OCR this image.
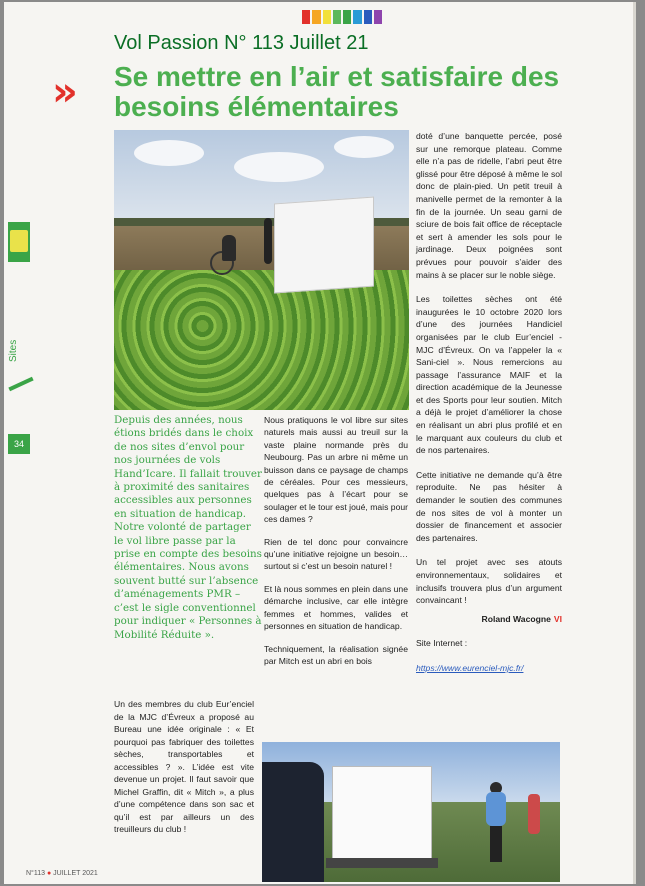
Vol Passion N° 113 Juillet 21
» Se mettre en l’air et satisfaire des besoins élémentaires
Sites
34
Depuis des années, nous étions bridés dans le choix de nos sites d’envol pour nos journées de vols Hand’Icare. Il fallait trouver à proximité des sanitaires accessibles aux personnes en situation de handicap. Notre volonté de partager le vol libre passe par la prise en compte des besoins élémentaires. Nous avons souvent butté sur l’absence d’aménagements PMR – c’est le sigle conventionnel pour indiquer « Personnes à Mobilité Réduite ».

Un des membres du club Eur’enciel de la MJC d’Évreux a proposé au Bureau une idée originale : « Et pourquoi pas fabriquer des toilettes sèches, transportables et accessibles ? ». L’idée est vite devenue un projet. Il faut savoir que Michel Graffin, dit « Mitch », a plus d’une compétence dans son sac et qu’il est par ailleurs un des treuilleurs du club !

Nous pratiquons le vol libre sur sites naturels mais aussi au treuil sur la vaste plaine normande près du Neubourg. Pas un arbre ni même un buisson dans ce paysage de champs de céréales. Pour ces messieurs, quelques pas à l’écart pour se soulager et le tour est joué, mais pour ces dames ?

Rien de tel donc pour convaincre qu’une initiative rejoigne un besoin… surtout si c’est un besoin naturel !

Et là nous sommes en plein dans une démarche inclusive, car elle intègre femmes et hommes, valides et personnes en situation de handicap.

Techniquement, la réalisation signée par Mitch est un abri en bois

doté d’une banquette percée, posé sur une remorque plateau. Comme elle n’a pas de ridelle, l’abri peut être glissé pour être déposé à même le sol donc de plain-pied. Un petit treuil à manivelle permet de la remonter à la fin de la journée. Un seau garni de sciure de bois fait office de réceptacle et sert à amender les sols pour le jardinage. Deux poignées sont prévues pour pouvoir s’aider des mains à se placer sur le noble siège.

Les toilettes sèches ont été inaugurées le 10 octobre 2020 lors d’une des journées Handiciel organisées par le club Eur’enciel - MJC d’Évreux. On va l’appeler la « Sani-ciel ». Nous remercions au passage l’assurance MAIF et la direction académique de la Jeunesse et des Sports pour leur soutien. Mitch a déjà le projet d’améliorer la chose en réalisant un abri plus profilé et en le marquant aux couleurs du club et de nos partenaires.

Cette initiative ne demande qu’à être reproduite. Ne pas hésiter à demander le soutien des communes de nos sites de vol à monter un dossier de financement et associer des partenaires.

Un tel projet avec ses atouts environnementaux, solidaires et inclusifs trouvera plus d’un argument convaincant !

Roland Wacogne VI

Site Internet :

https://www.eurenciel-mjc.fr/
N°113 ● JUILLET 2021
